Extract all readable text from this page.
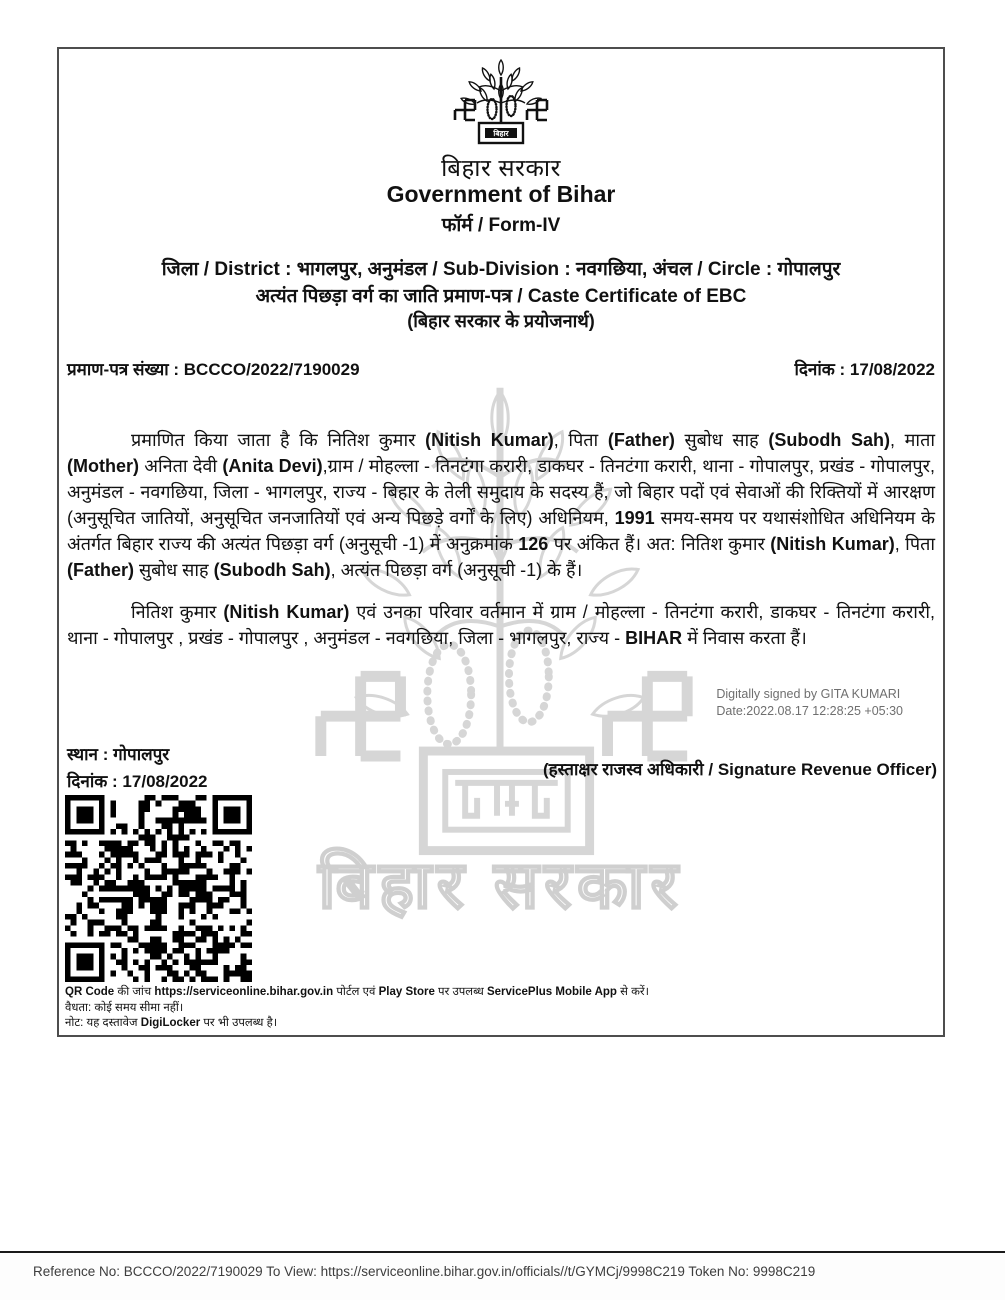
बिहार सरकार
बिहार
बिहार सरकार
Government of Bihar
फॉर्म / Form-IV
जिला / District : भागलपुर, अनुमंडल / Sub-Division : नवगछिया, अंचल / Circle : गोपालपुर
अत्यंत पिछड़ा वर्ग का जाति प्रमाण-पत्र / Caste Certificate of EBC
(बिहार सरकार के प्रयोजनार्थ)
प्रमाण-पत्र संख्या : BCCCO/2022/7190029	दिनांक : 17/08/2022
प्रमाणित किया जाता है कि नितिश कुमार (Nitish Kumar), पिता (Father) सुबोध साह (Subodh Sah), माता (Mother) अनिता देवी (Anita Devi),ग्राम / मोहल्ला - तिनटंगा करारी, डाकघर - तिनटंगा करारी, थाना - गोपालपुर, प्रखंड - गोपालपुर, अनुमंडल - नवगछिया, जिला - भागलपुर, राज्य - बिहार के तेली समुदाय के सदस्य हैं, जो बिहार पदों एवं सेवाओं की रिक्तियों में आरक्षण (अनुसूचित जातियों, अनुसूचित जनजातियों एवं अन्य पिछड़े वर्गों के लिए) अधिनियम, 1991 समय-समय पर यथासंशोधित अधिनियम के अंतर्गत बिहार राज्य की अत्यंत पिछड़ा वर्ग (अनुसूची -1) में अनुक्रमांक 126 पर अंकित हैं। अत: नितिश कुमार (Nitish Kumar), पिता (Father) सुबोध साह (Subodh Sah), अत्यंत पिछड़ा वर्ग (अनुसूची -1) के हैं।
नितिश कुमार (Nitish Kumar) एवं उनका परिवार वर्तमान में ग्राम / मोहल्ला - तिनटंगा करारी, डाकघर - तिनटंगा करारी, थाना - गोपालपुर , प्रखंड - गोपालपुर , अनुमंडल - नवगछिया, जिला - भागलपुर, राज्य - BIHAR में निवास करता हैं।
Digitally signed by GITA KUMARI
Date:2022.08.17 12:28:25 +05:30
स्थान : गोपालपुर
दिनांक : 17/08/2022
(हस्ताक्षर राजस्व अधिकारी / Signature Revenue Officer)
QR Code की जांच https://serviceonline.bihar.gov.in पोर्टल एवं Play Store पर उपलब्ध ServicePlus Mobile App से करें।
वैधता: कोई समय सीमा नहीं।
नोट: यह दस्तावेज DigiLocker पर भी उपलब्ध है।
Reference No: BCCCO/2022/7190029 To View: https://serviceonline.bihar.gov.in/officials//t/GYMCj/9998C219 Token No: 9998C219
